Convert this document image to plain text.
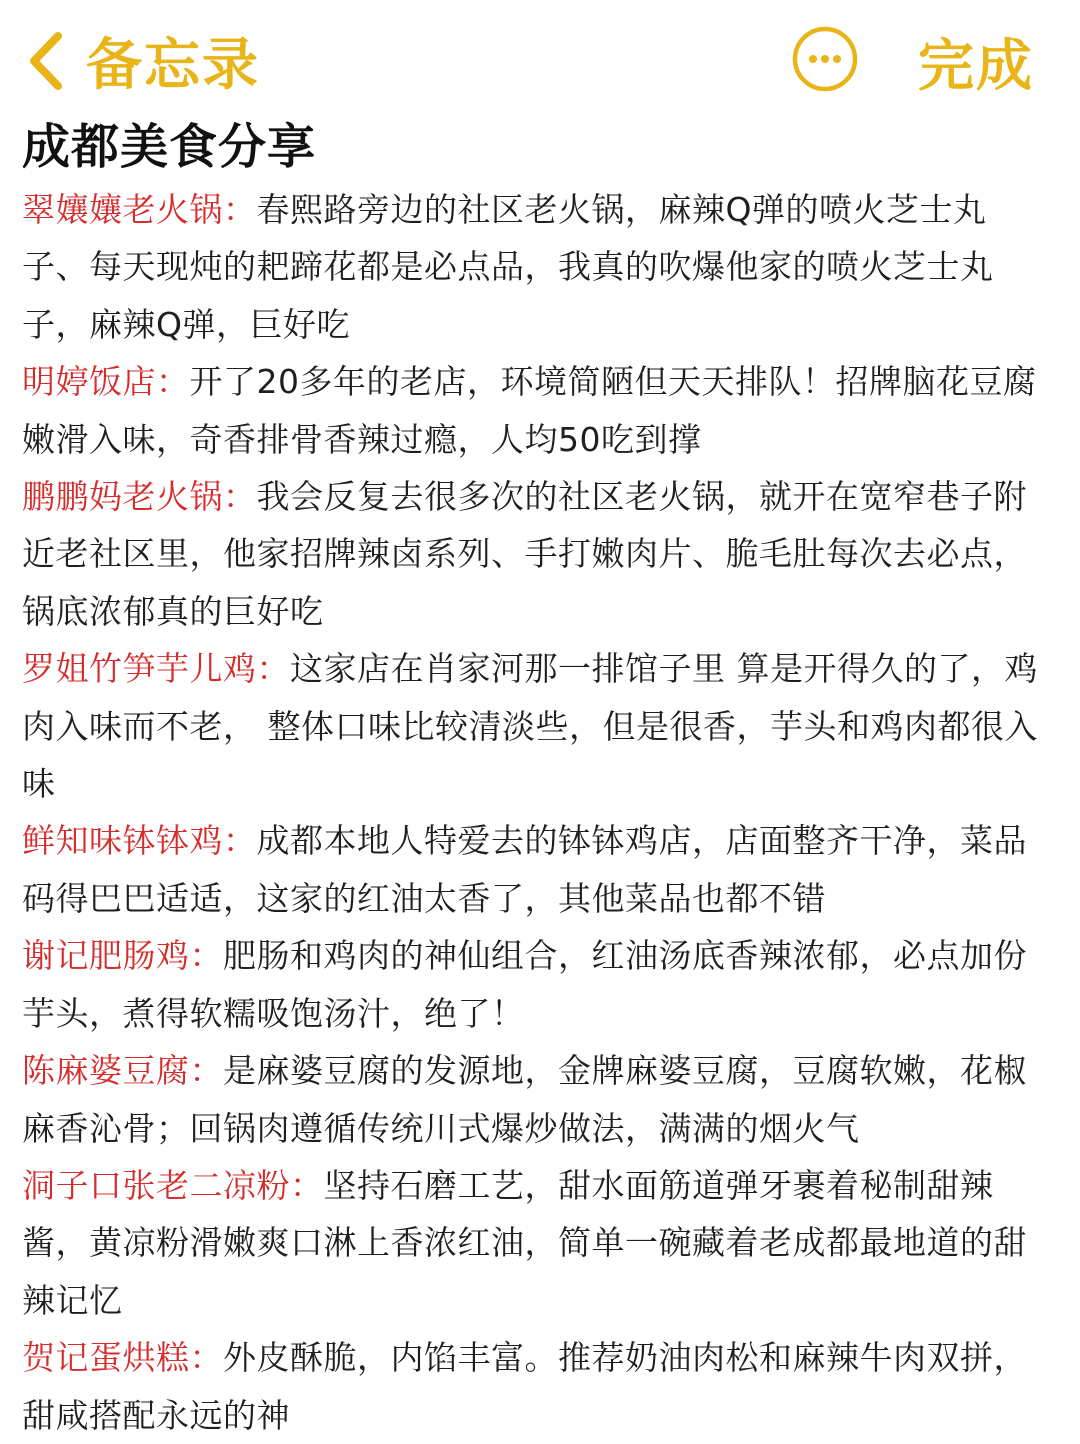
备忘录	完成
成都美食分享
翠孃孃老火锅：春熙路旁边的社区老火锅，麻辣Q弹的喷火芝士丸子、每天现炖的耙蹄花都是必点品，我真的吹爆他家的喷火芝士丸子，麻辣Q弹，巨好吃
明婷饭店：开了20多年的老店，环境简陋但天天排队！招牌脑花豆腐嫩滑入味，奇香排骨香辣过瘾，人均50吃到撑
鹏鹏妈老火锅：我会反复去很多次的社区老火锅，就开在宽窄巷子附近老社区里，他家招牌辣卤系列、手打嫩肉片、脆毛肚每次去必点，锅底浓郁真的巨好吃
罗姐竹笋芋儿鸡：这家店在肖家河那一排馆子里 算是开得久的了，鸡肉入味而不老， 整体口味比较清淡些，但是很香，芋头和鸡肉都很入味
鲜知味钵钵鸡：成都本地人特爱去的钵钵鸡店，店面整齐干净，菜品码得巴巴适适，这家的红油太香了，其他菜品也都不错
谢记肥肠鸡：肥肠和鸡肉的神仙组合，红油汤底香辣浓郁，必点加份芋头，煮得软糯吸饱汤汁，绝了！
陈麻婆豆腐：是麻婆豆腐的发源地，金牌麻婆豆腐，豆腐软嫩，花椒麻香沁骨；回锅肉遵循传统川式爆炒做法，满满的烟火气
洞子口张老二凉粉：坚持石磨工艺，甜水面筋道弹牙裹着秘制甜辣酱，黄凉粉滑嫩爽口淋上香浓红油，简单一碗藏着老成都最地道的甜辣记忆
贺记蛋烘糕：外皮酥脆，内馅丰富。推荐奶油肉松和麻辣牛肉双拼，甜咸搭配永远的神
